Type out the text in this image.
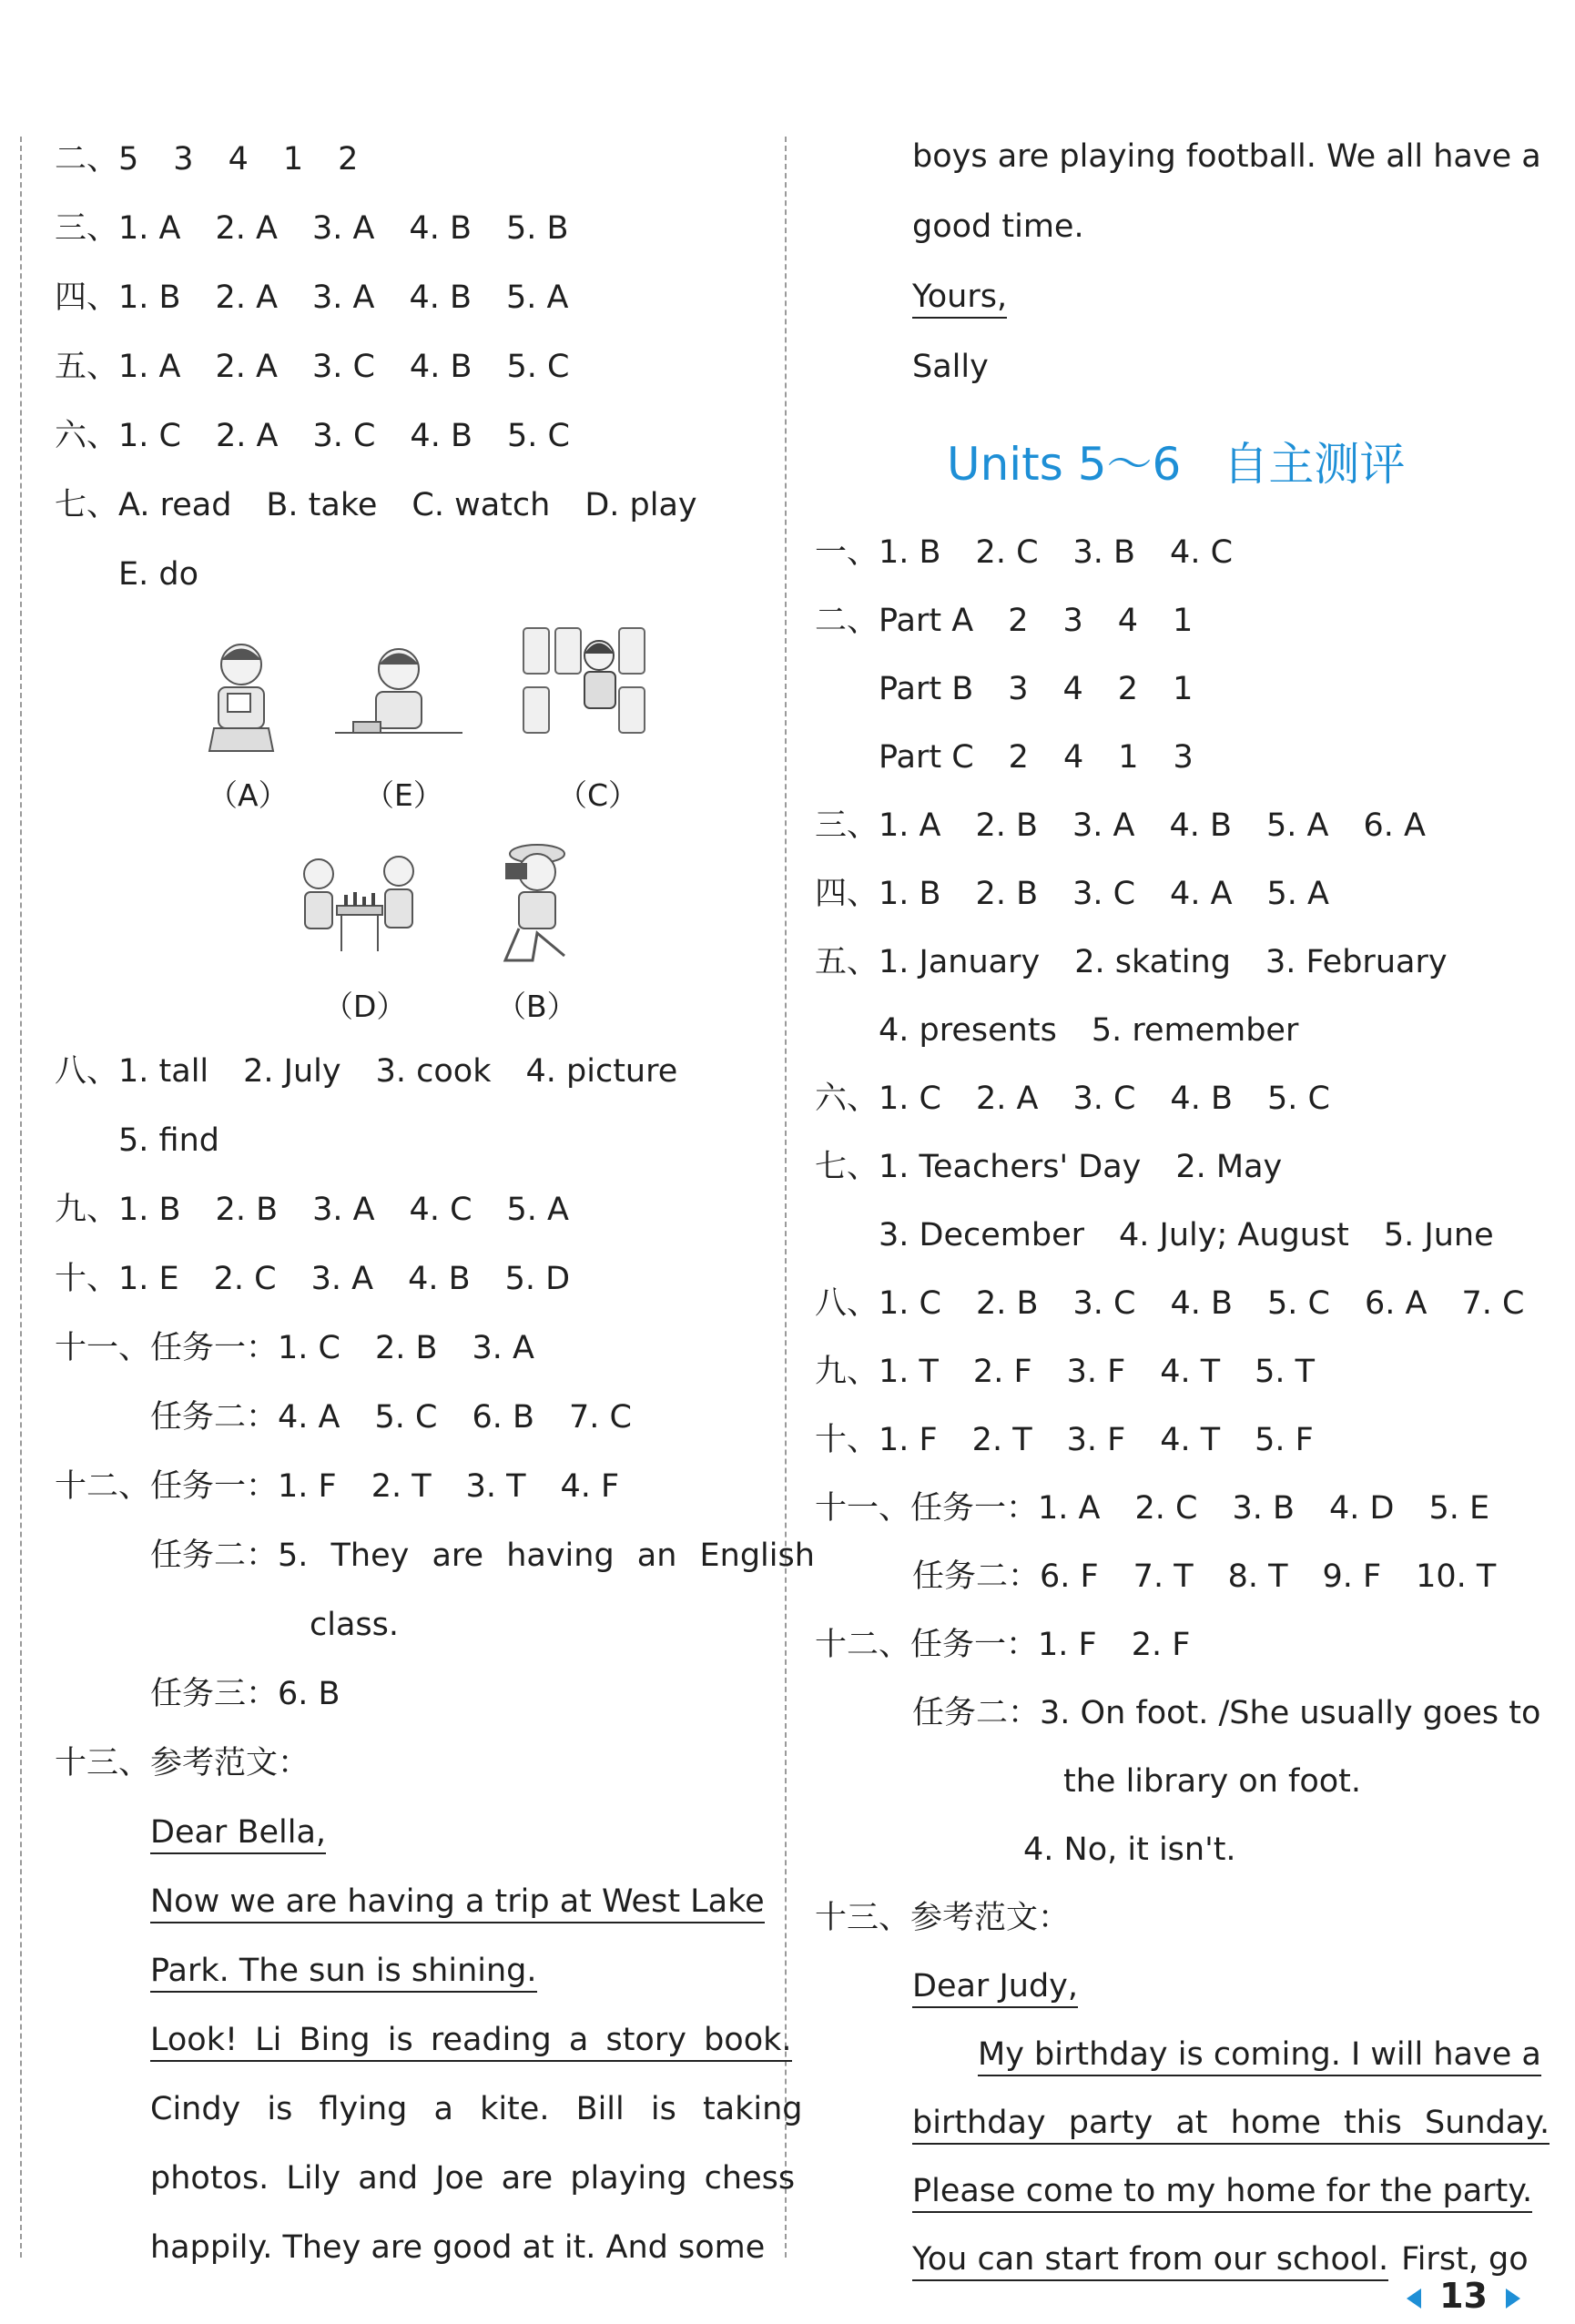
二、5 3 4 1 2
三、1. A 2. A 3. A 4. B 5. B
四、1. B 2. A 3. A 4. B 5. A
五、1. A 2. A 3. C 4. B 5. C
六、1. C 2. A 3. C 4. B 5. C
七、A. read B. take C. watch D. play
E. do
（A）	（E）	（C）
（D）	（B）
八、1. tall 2. July 3. cook 4. picture
5. find
九、1. B 2. B 3. A 4. C 5. A
十、1. E 2. C 3. A 4. B 5. D
十一、任务一：1. C 2. B 3. A
任务二：4. A 5. C 6. B 7. C
十二、任务一：1. F 2. T 3. T 4. F
任务二：5. They are having an English
class.
任务三：6. B
十三、参考范文：
Dear Bella,
Now we are having a trip at West Lake
Park. The sun is shining.
Look! Li Bing is reading a story book.
Cindy is flying a kite. Bill is taking
photos. Lily and Joe are playing chess
happily. They are good at it. And some
boys are playing football. We all have a
good time.
Yours,
Sally
Units 5～6 自主测评
一、1. B 2. C 3. B 4. C
二、Part A 2 3 4 1
Part B 3 4 2 1
Part C 2 4 1 3
三、1. A 2. B 3. A 4. B 5. A 6. A
四、1. B 2. B 3. C 4. A 5. A
五、1. January 2. skating 3. February
4. presents 5. remember
六、1. C 2. A 3. C 4. B 5. C
七、1. Teachers' Day 2. May
3. December 4. July; August 5. June
八、1. C 2. B 3. C 4. B 5. C 6. A 7. C
九、1. T 2. F 3. F 4. T 5. T
十、1. F 2. T 3. F 4. T 5. F
十一、任务一：1. A 2. C 3. B 4. D 5. E
任务二：6. F 7. T 8. T 9. F 10. T
十二、任务一：1. F 2. F
任务二：3. On foot. /She usually goes to
the library on foot.
4. No, it isn't.
十三、参考范文：
Dear Judy,
My birthday is coming. I will have a
birthday party at home this Sunday.
Please come to my home for the party.
You can start from our school. First, go
13
